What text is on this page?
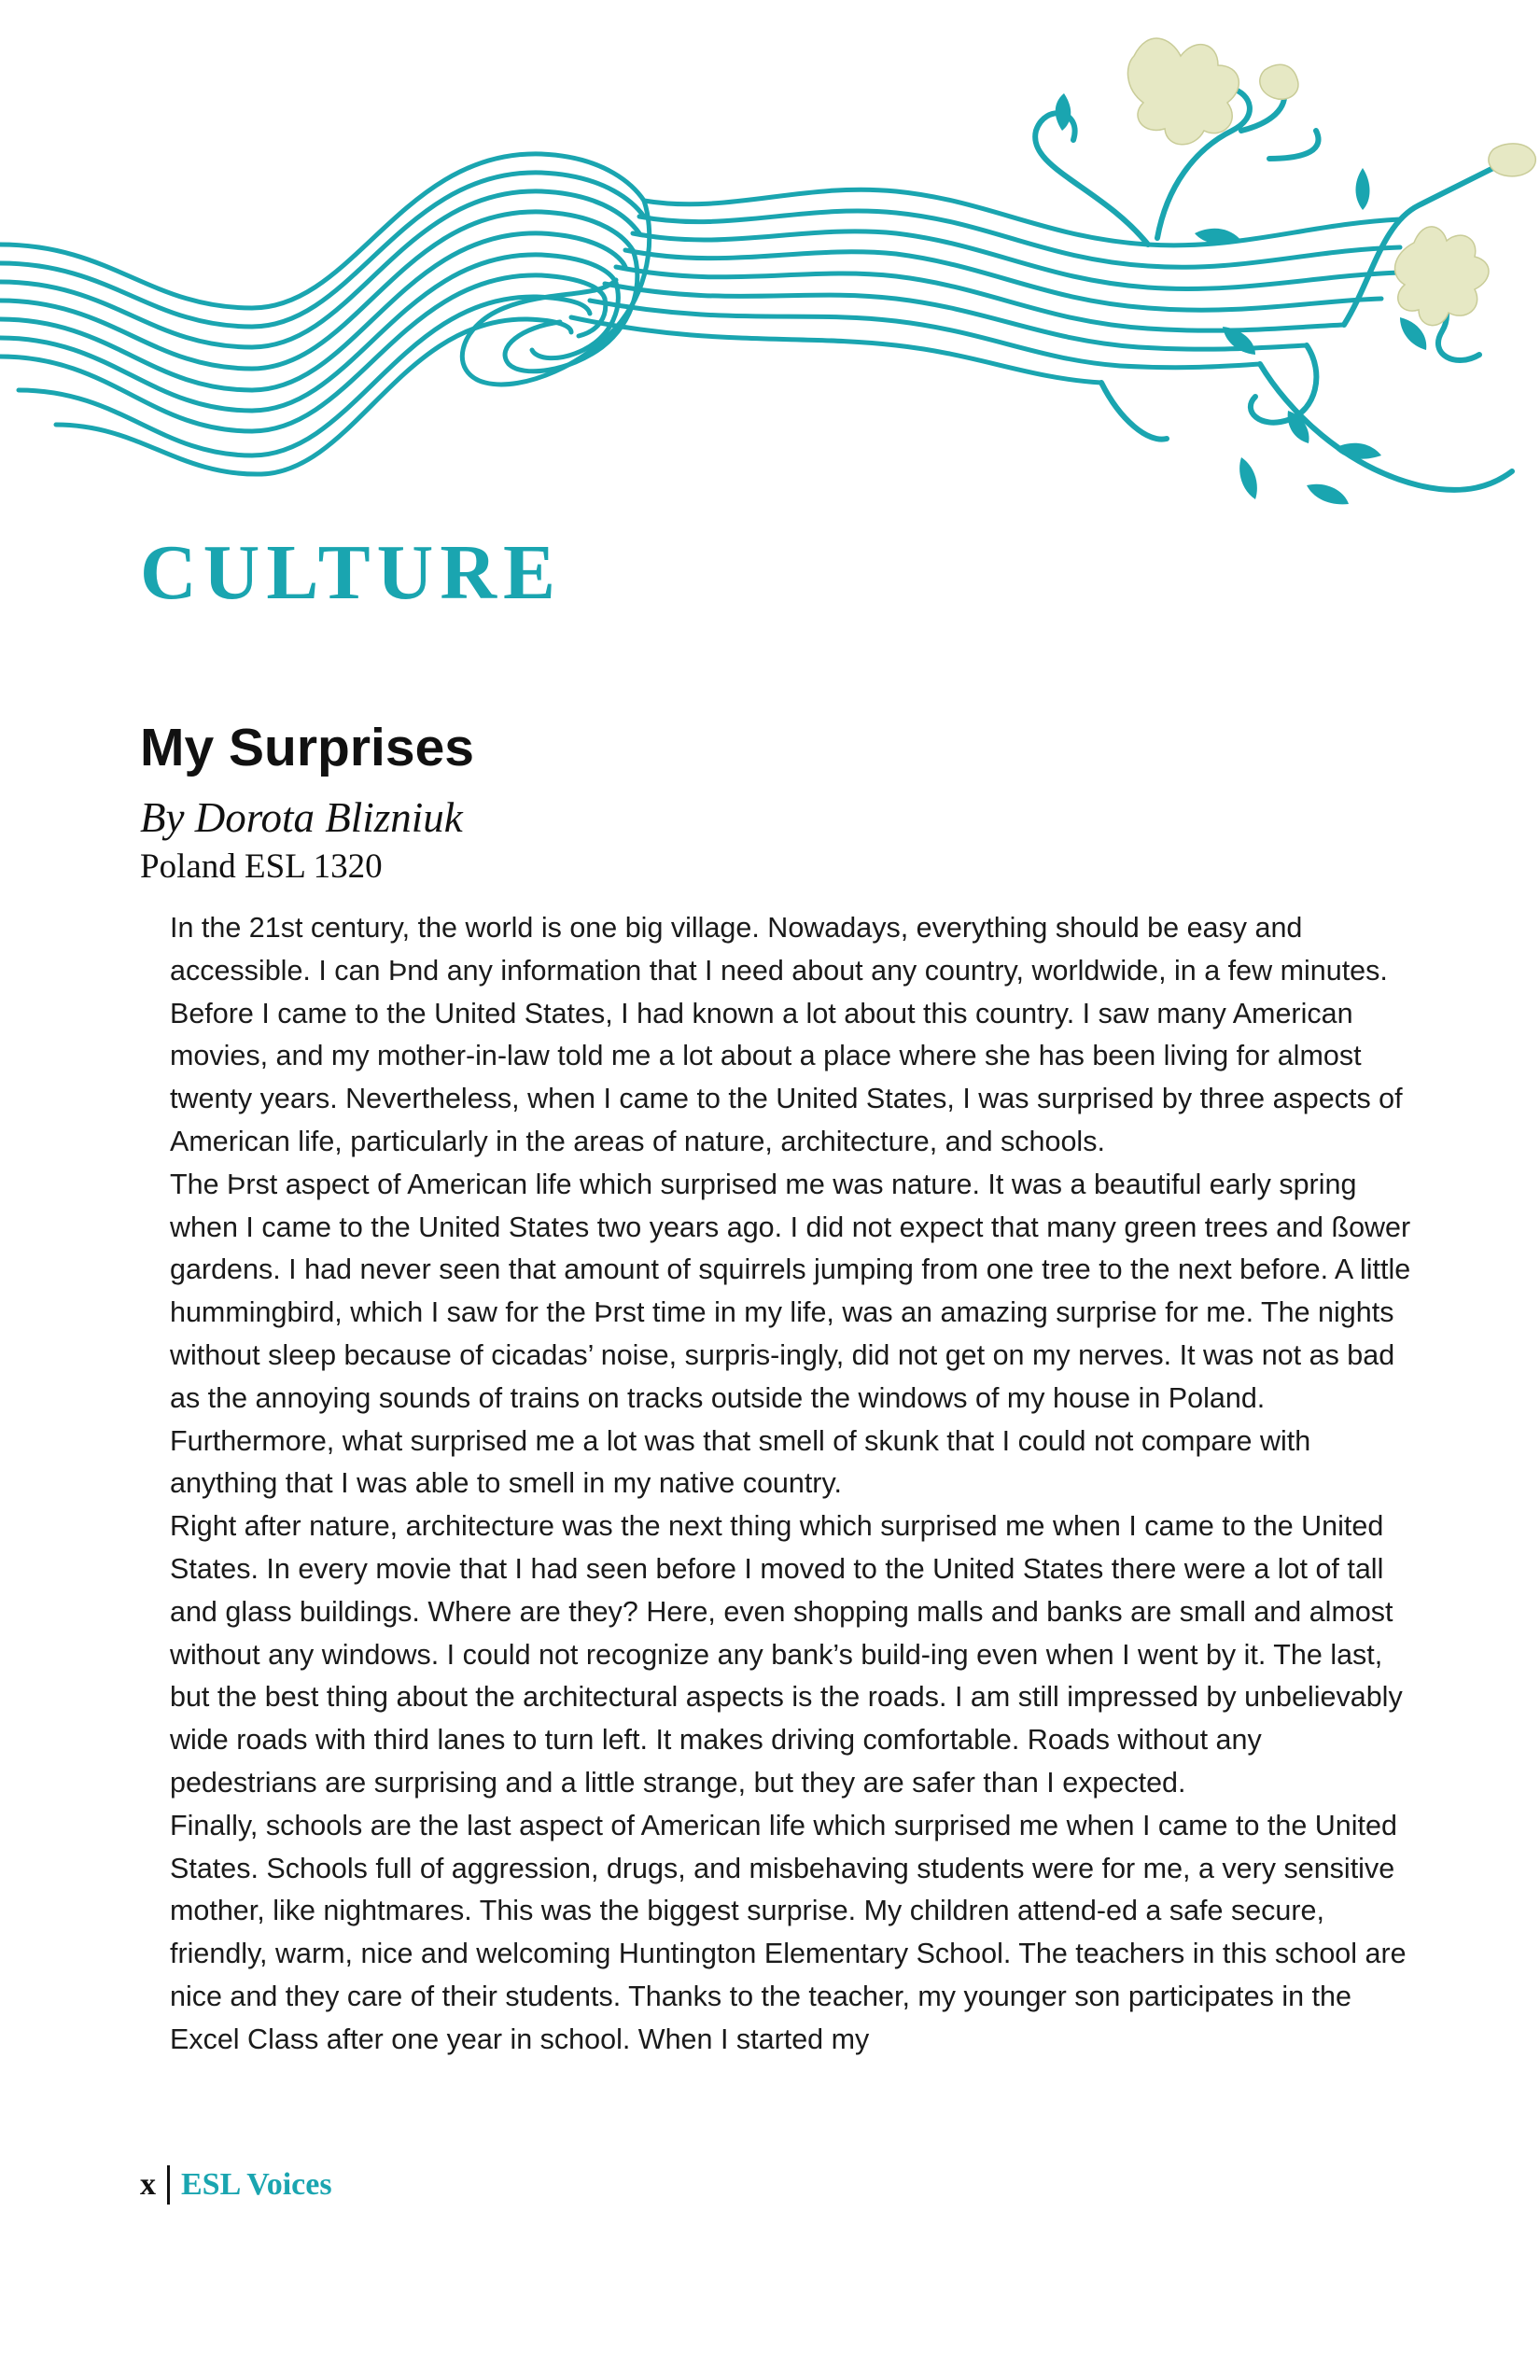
CULTURE
My Surprises
By Dorota Blizniuk
Poland ESL 1320

In the 21st century, the world is one big village. Nowadays, everything should be easy and accessible. I can Þnd any information that I need about any country, worldwide, in a few minutes. Before I came to the United States, I had known a lot about this country. I saw many American movies, and my mother-in-law told me a lot about a place where she has been living for almost twenty years. Nevertheless, when I came to the United States, I was surprised by three aspects of American life, particularly in the areas of nature, architecture, and schools.

The Þrst aspect of American life which surprised me was nature. It was a beautiful early spring when I came to the United States two years ago. I did not expect that many green trees and ßower gardens. I had never seen that amount of squirrels jumping from one tree to the next before. A little hummingbird, which I saw for the Þrst time in my life, was an amazing surprise for me. The nights without sleep because of cicadas’ noise, surpris-ingly, did not get on my nerves. It was not as bad as the annoying sounds of trains on tracks outside the windows of my house in Poland. Furthermore, what surprised me a lot was that smell of skunk that I could not compare with anything that I was able to smell in my native country.

Right after nature, architecture was the next thing which surprised me when I came to the United States. In every movie that I had seen before I moved to the United States there were a lot of tall and glass buildings. Where are they? Here, even shopping malls and banks are small and almost without any windows. I could not recognize any bank’s build-ing even when I went by it. The last, but the best thing about the architectural aspects is the roads. I am still impressed by unbelievably wide roads with third lanes to turn left. It makes driving comfortable. Roads without any pedestrians are surprising and a little strange, but they are safer than I expected.

Finally, schools are the last aspect of American life which surprised me when I came to the United States. Schools full of aggression, drugs, and misbehaving students were for me, a very sensitive mother, like nightmares. This was the biggest surprise. My children attend-ed a safe secure, friendly, warm, nice and welcoming Huntington Elementary School. The teachers in this school are nice and they care of their students. Thanks to the teacher, my younger son participates in the Excel Class after one year in school. When I started my

x ESL Voices
